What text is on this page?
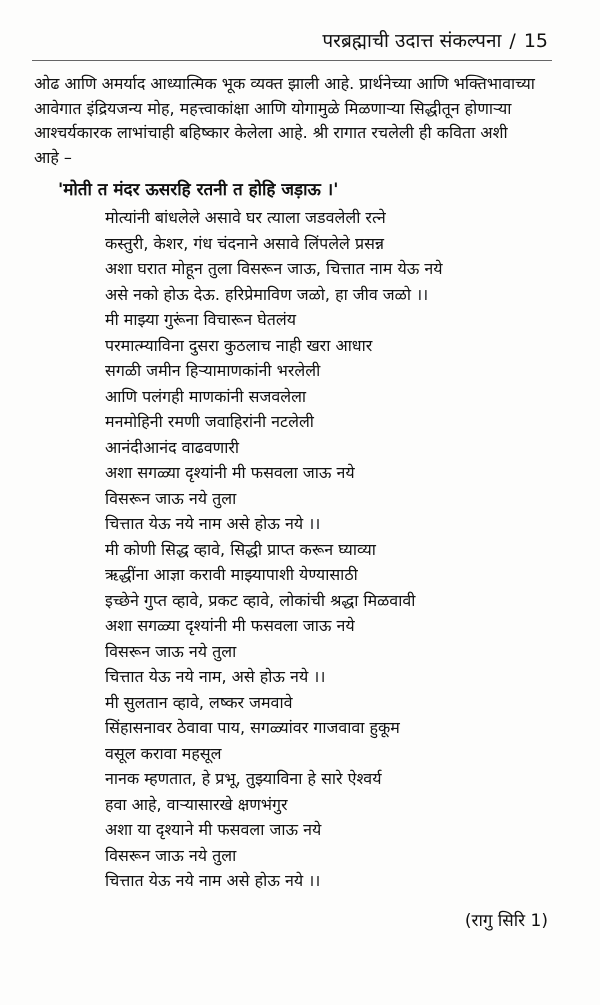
परब्रह्माची उदात्त संकल्पना / 15
ओढ आणि अमर्याद आध्यात्मिक भूक व्यक्त झाली आहे. प्रार्थनेच्या आणि भक्तिभावाच्या
आवेगात इंद्रियजन्य मोह, महत्त्वाकांक्षा आणि योगामुळे मिळणाऱ्या सिद्धीतून होणाऱ्या
आश्चर्यकारक लाभांचाही बहिष्कार केलेला आहे. श्री रागात रचलेली ही कविता अशी
आहे –
'मोती त मंदर ऊसरहि रतनी त होहि जड़ाऊ ।'
मोत्यांनी बांधलेले असावे घर त्याला जडवलेली रत्ने
कस्तुरी, केशर, गंध चंदनाने असावे लिंपलेले प्रसन्न
अशा घरात मोहून तुला विसरून जाऊ, चित्तात नाम येऊ नये
असे नको होऊ देऊ. हरिप्रेमाविण जळो, हा जीव जळो ।।
मी माझ्या गुरूंना विचारून घेतलंय
परमात्म्याविना दुसरा कुठलाच नाही खरा आधार
सगळी जमीन हिऱ्यामाणकांनी भरलेली
आणि पलंगही माणकांनी सजवलेला
मनमोहिनी रमणी जवाहिरांनी नटलेली
आनंदीआनंद वाढवणारी
अशा सगळ्या दृश्यांनी मी फसवला जाऊ नये
विसरून जाऊ नये तुला
चित्तात येऊ नये नाम असे होऊ नये ।।
मी कोणी सिद्ध व्हावे, सिद्धी प्राप्त करून घ्याव्या
ऋद्धींना आज्ञा करावी माझ्यापाशी येण्यासाठी
इच्छेने गुप्त व्हावे, प्रकट व्हावे, लोकांची श्रद्धा मिळवावी
अशा सगळ्या दृश्यांनी मी फसवला जाऊ नये
विसरून जाऊ नये तुला
चित्तात येऊ नये नाम, असे होऊ नये ।।
मी सुलतान व्हावे, लष्कर जमवावे
सिंहासनावर ठेवावा पाय, सगळ्यांवर गाजवावा हुकूम
वसूल करावा महसूल
नानक म्हणतात, हे प्रभू, तुझ्याविना हे सारे ऐश्वर्य
हवा आहे, वाऱ्यासारखे क्षणभंगुर
अशा या दृश्याने मी फसवला जाऊ नये
विसरून जाऊ नये तुला
चित्तात येऊ नये नाम असे होऊ नये ।।
(रागु सिरि 1)
